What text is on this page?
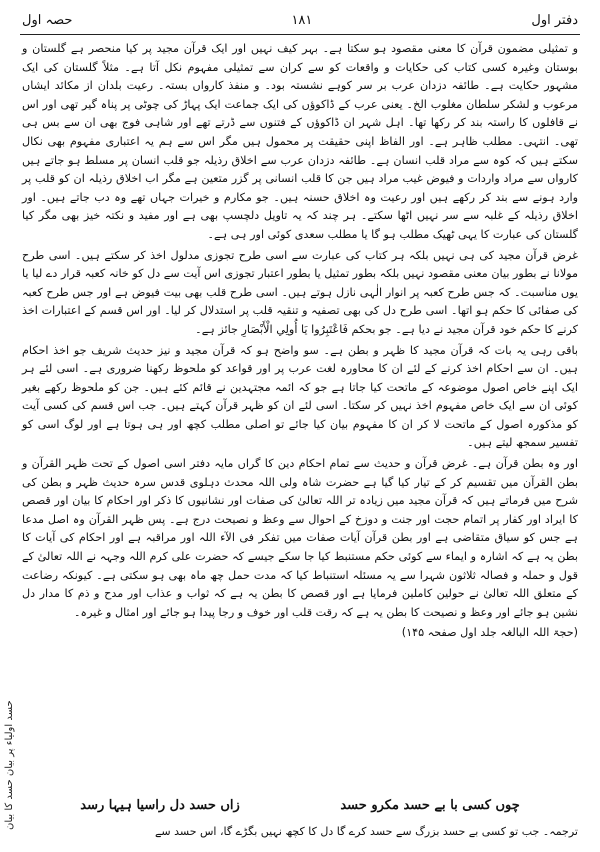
حصہ اول	۱۸۱	دفتر اول

و تمثیلی مضمون قرآن کا معنی مقصود ہو سکتا ہے۔ بہر کیف نہیں اور ایک قرآن مجید پر کیا منحصر ہے گلستان و بوستان وغیرہ کسی کتاب کی حکایات و واقعات کو سے کران سے تمثیلی مفہوم نکل آتا ہے۔ مثلاً گلستان کی ایک مشہور حکایت ہے۔ طائفہ دزدان عرب بر سر کوہے نشستہ بود۔ و منفذ کارواں بستہ۔ رعیت بلدان از مکائد ایشاں مرعوب و لشکر سلطان مغلوب الخ۔ یعنی عرب کے ڈاکوؤں کی ایک جماعت ایک پہاڑ کی چوٹی پر پناہ گیر تھی اور اس نے قافلوں کا راستہ بند کر رکھا تھا۔ اہل شہر ان ڈاکوؤں کے فتنوں سے ڈرتے تھے اور شاہی فوج بھی ان سے بس ہی تھی۔ انتہی۔ مطلب ظاہر ہے۔ اور الفاظ اپنی حقیقت پر محمول ہیں مگر اس سے ہم یہ اعتباری مفہوم بھی نکال سکتے ہیں کہ کوہ سے مراد قلب انسان ہے۔ طائفہ دزدان عرب سے اخلاق رذیلہ جو قلب انسان پر مسلط ہو جاتے ہیں کارواں سے مراد واردات و فیوض غیب مراد ہیں جن کا قلب انسانی پر گزر متعین ہے مگر اب اخلاق رذیلہ ان کو قلب پر وارد ہونے سے بند کر رکھے ہیں اور رعیت وہ اخلاق حسنہ ہیں۔ جو مکارم و خیرات جہاں تھے وہ دب جاتے ہیں۔ اور اخلاق رذیلہ کے غلبہ سے سر نہیں اٹھا سکتے۔ ہر چند کہ یہ تاویل دلچسپ بھی ہے اور مفید و نکتہ خیز بھی مگر کیا گلستان کی عبارت کا یہی ٹھیک مطلب ہو گا یا مطلب سعدی کوئی اور ہی ہے۔

غرض قرآن مجید کی ہی نہیں بلکہ ہر کتاب کی عبارت سے اسی طرح تجوزی مدلول اخذ کر سکتے ہیں۔ اسی طرح مولانا نے بطور بیان معنی مقصود نہیں بلکہ بطور تمثیل یا بطور اعتبار تجوزی اس آیت سے دل کو خانہ کعبہ قرار دے لیا یا یوں مناسبت۔ کہ جس طرح کعبہ پر انوار الٰہی نازل ہوتے ہیں۔ اسی طرح قلب بھی بیت فیوض ہے اور جس طرح کعبہ کی صفائی کا حکم ہو اتھا۔ اسی طرح دل کی بھی تصفیہ و تنقیہ قلب پر استدلال کر لیا۔ اور اس قسم کے اعتبارات اخذ کرنے کا حکم خود قرآن مجید نے دیا ہے۔ جو بحکم فَاعْتَبِرُوا يَا أُولِي الْأَبْصَارِ جائز ہے۔

باقی رہی یہ بات کہ قرآن مجید کا ظہر و بطن ہے۔ سو واضح ہو کہ قرآن مجید و نیز حدیث شریف جو اخذ احکام ہیں۔ ان سے احکام اخذ کرنے کے لئے ان کا محاورہ لغت عرب پر اور قواعد کو ملحوظ رکھنا ضروری ہے۔ اسی لئے ہر ایک اپنے خاص اصول موضوعہ کے ماتحت کیا جاتا ہے جو کہ ائمہ مجتہدین نے قائم کئے ہیں۔ جن کو ملحوظ رکھے بغیر کوئی ان سے ایک خاص مفہوم اخذ نہیں کر سکتا۔ اسی لئے ان کو ظہر قرآن کہتے ہیں۔ جب اس قسم کی کسی آیت کو مذکورہ اصول کے ماتحت لا کر ان کا مفہوم بیان کیا جائے تو اصلی مطلب کچھ اور ہی ہوتا ہے اور لوگ اسی کو تفسیر سمجھ لیتے ہیں۔

اور وہ بطن قرآن ہے۔ غرض قرآن و حدیث سے تمام احکام دین کا گراں مایہ دفتر اسی اصول کے تحت ظہر القرآن و بطن القرآن میں تقسیم کر کے تیار کیا گیا ہے حضرت شاہ ولی اللہ محدث دہلوی قدس سرہ حدیث ظہر و بطن کی شرح میں فرماتے ہیں کہ قرآن مجید میں زیادہ تر اللہ تعالیٰ کی صفات اور نشانیوں کا ذکر اور احکام کا بیان اور قصص کا ایراد اور کفار پر اتمام حجت اور جنت و دوزخ کے احوال سے وعظ و نصیحت درج ہے۔ پس ظہر القرآن وہ اصل مدعا ہے جس کو سیاق متقاضی ہے اور بطن قرآن آیات صفات میں تفکر فی الآء اللہ اور مراقبہ ہے اور احکام کی آیات کا بطن یہ ہے کہ اشارہ و ایماء سے کوئی حکم مستنبط کیا جا سکے جیسے کہ حضرت علی کرم اللہ وجہہ نے اللہ تعالیٰ کے قول و حملہ و فصالہ ثلاثون شہرا سے یہ مسئلہ استنباط کیا کہ مدت حمل چھ ماہ بھی ہو سکتی ہے۔ کیونکہ رضاعت کے متعلق اللہ تعالیٰ نے حولین کاملین فرمایا ہے اور قصص کا بطن یہ ہے کہ ثواب و عذاب اور مدح و ذم کا مدار دل نشین ہو جائے اور وعظ و نصیحت کا بطن یہ ہے کہ رقت قلب اور خوف و رجا پیدا ہو جائے اور امثال و غیرہ۔

(حجۃ اللہ البالغہ جلد اول صفحہ ۱۴۵)

چوں کسی با بے حسد مکرو حسد
زاں حسد دل راسیا ہیہا رسد
ترجمہ۔ جب تو کسی بے حسد بزرگ سے حسد کرے گا دل کا کچھ نہیں بگڑے گا، اس حسد سے
حسد اولیاء پر بیان حسد کا بیان
